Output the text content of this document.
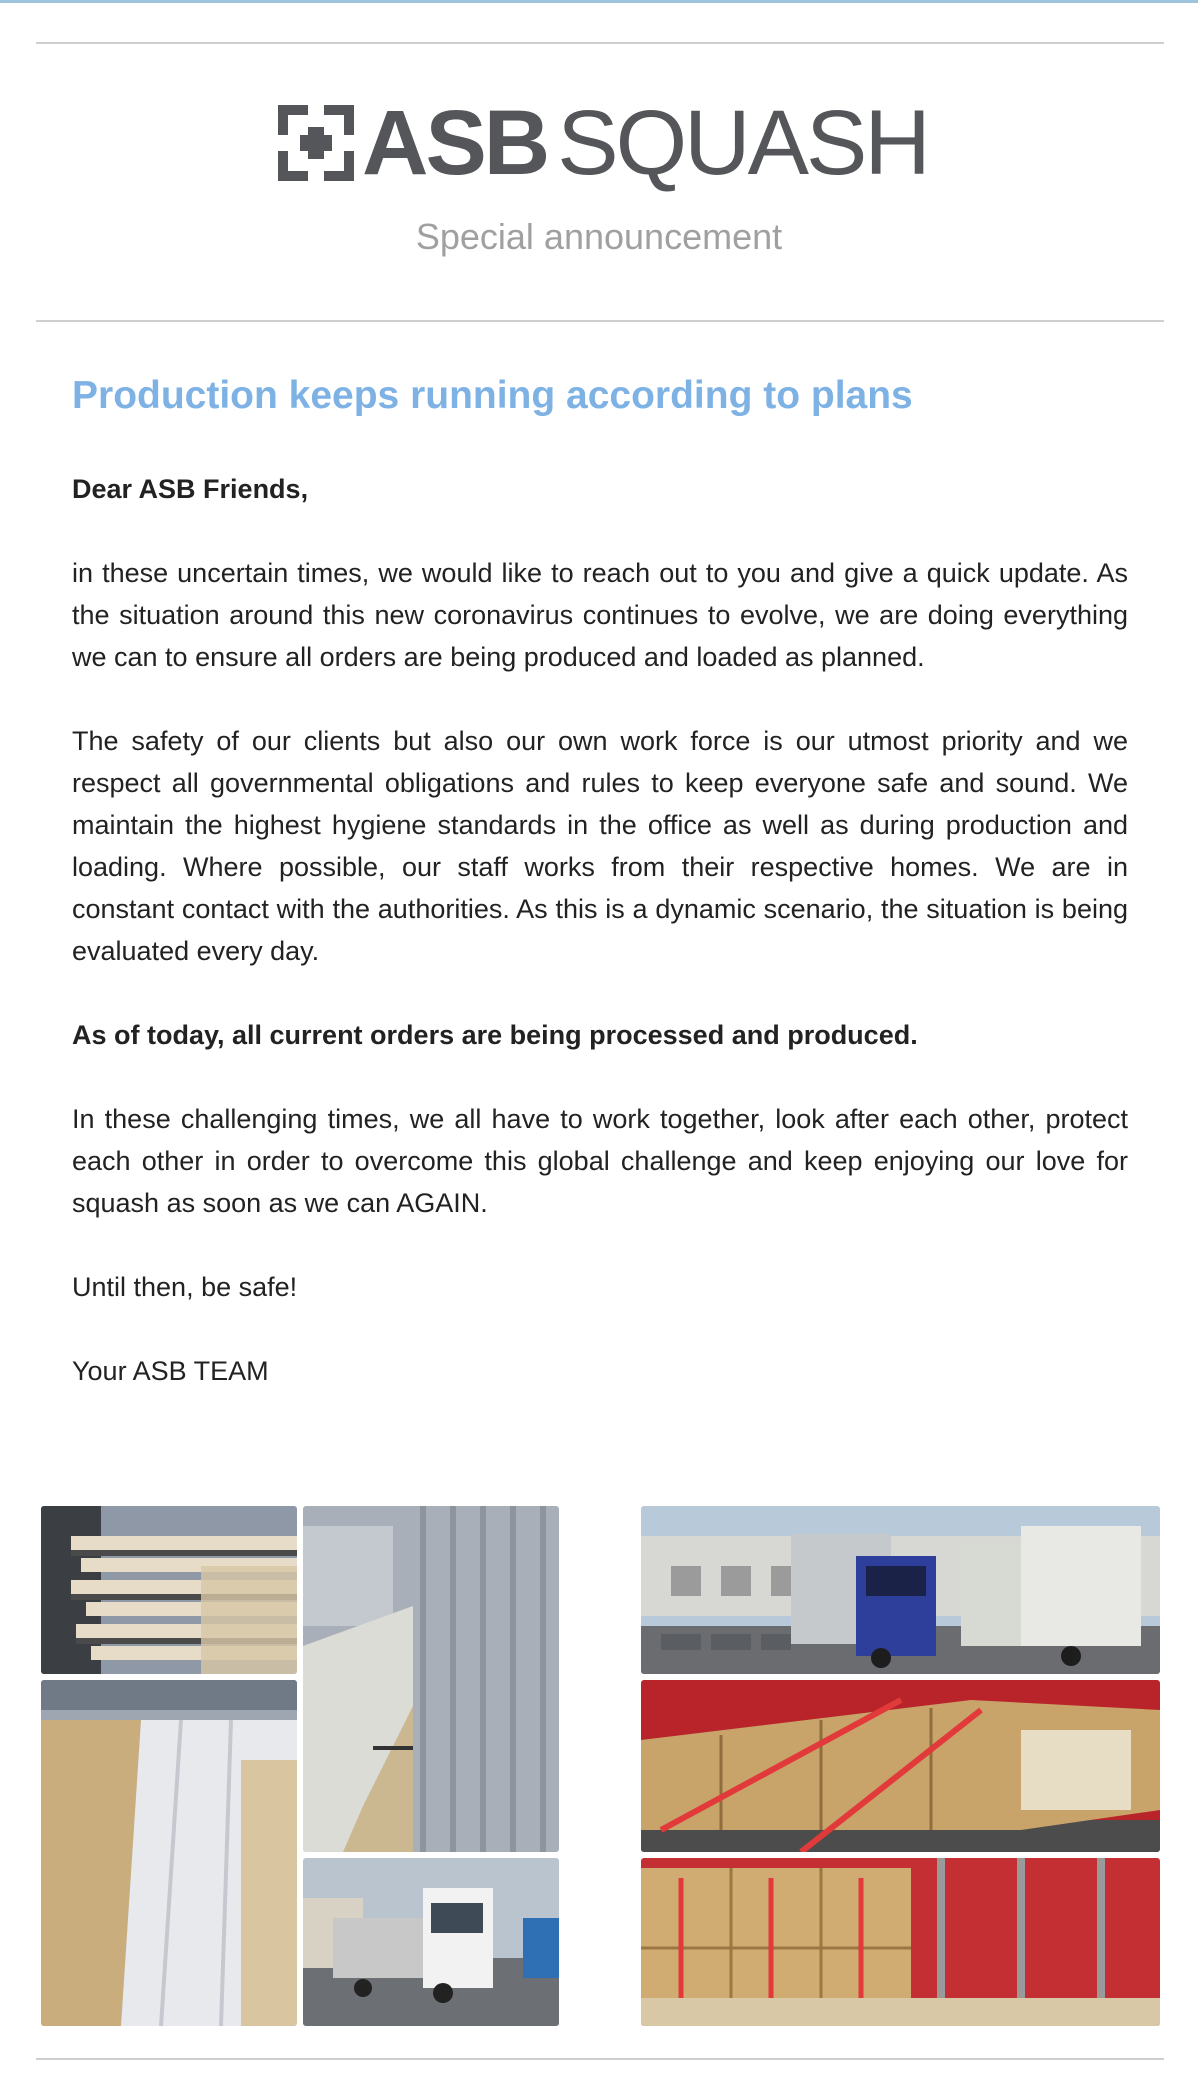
ASB SQUASH
Special announcement
Production keeps running according to plans

Dear ASB Friends,

in these uncertain times, we would like to reach out to you and give a quick update. As the situation around this new coronavirus continues to evolve, we are doing everything we can to ensure all orders are being produced and loaded as planned.

The safety of our clients but also our own work force is our utmost priority and we respect all governmental obligations and rules to keep everyone safe and sound. We maintain the highest hygiene standards in the office as well as during production and loading. Where possible, our staff works from their respective homes. We are in constant contact with the authorities. As this is a dynamic scenario, the situation is being evaluated every day.

As of today, all current orders are being processed and produced.

In these challenging times, we all have to work together, look after each other, protect each other in order to overcome this global challenge and keep enjoying our love for squash as soon as we can AGAIN.

Until then, be safe!

Your ASB TEAM
